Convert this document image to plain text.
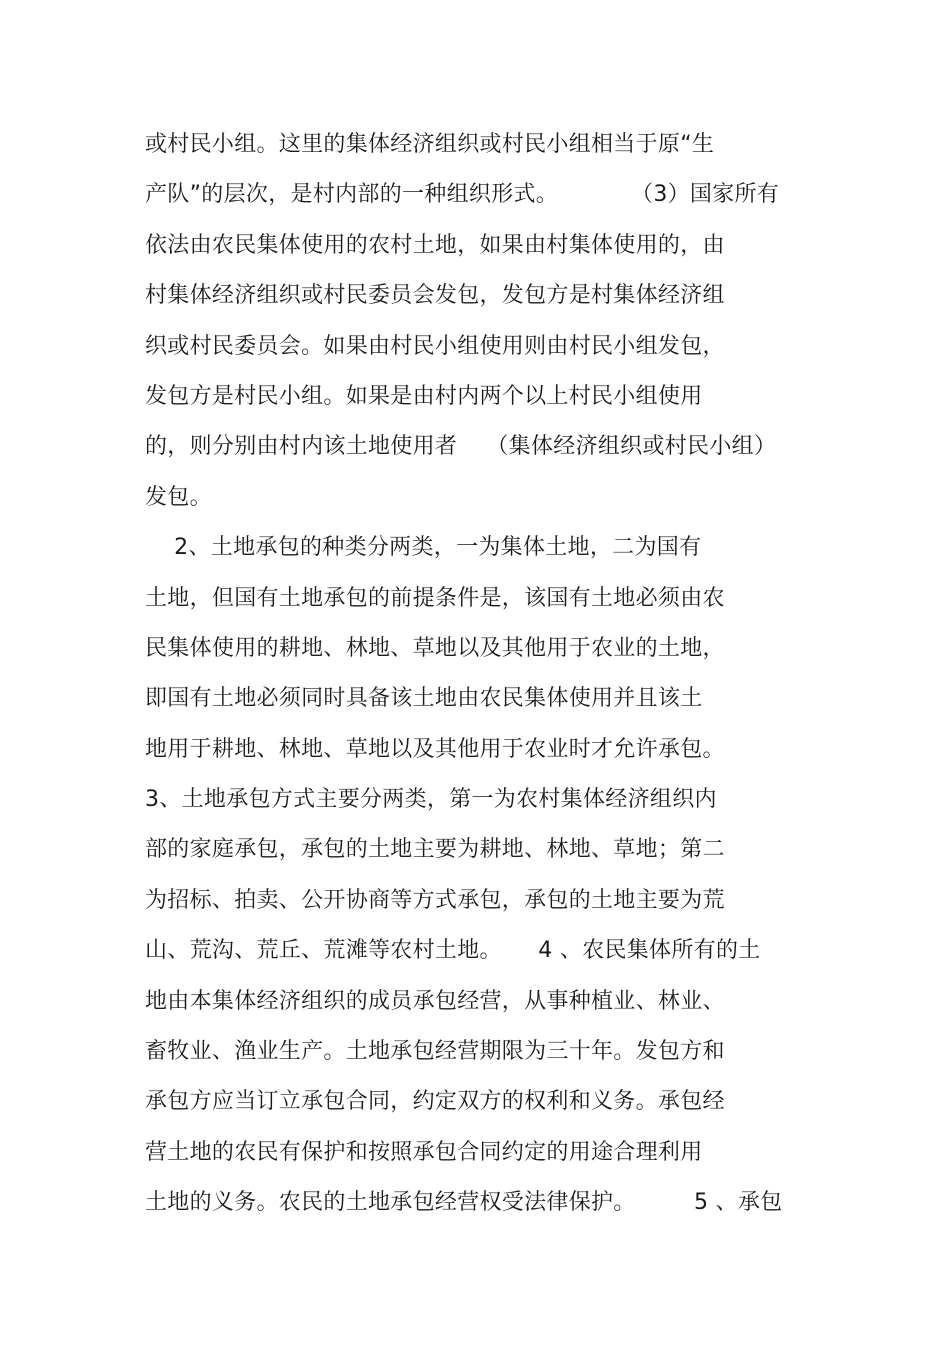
或村民小组。这里的集体经济组织或村民小组相当于原“生
产队”的层次，是村内部的一种组织形式。          （3）国家所有
依法由农民集体使用的农村土地，如果由村集体使用的，由
村集体经济组织或村民委员会发包，发包方是村集体经济组
织或村民委员会。如果由村民小组使用则由村民小组发包，
发包方是村民小组。如果是由村内两个以上村民小组使用
的，则分别由村内该土地使用者    （集体经济组织或村民小组）
发包。
2、土地承包的种类分两类，一为集体土地，二为国有
土地，但国有土地承包的前提条件是，该国有土地必须由农
民集体使用的耕地、林地、草地以及其他用于农业的土地，
即国有土地必须同时具备该土地由农民集体使用并且该土
地用于耕地、林地、草地以及其他用于农业时才允许承包。
3、土地承包方式主要分两类，第一为农村集体经济组织内
部的家庭承包，承包的土地主要为耕地、林地、草地；第二
为招标、拍卖、公开协商等方式承包，承包的土地主要为荒
山、荒沟、荒丘、荒滩等农村土地。     4 、农民集体所有的土
地由本集体经济组织的成员承包经营，从事种植业、林业、
畜牧业、渔业生产。土地承包经营期限为三十年。发包方和
承包方应当订立承包合同，约定双方的权利和义务。承包经
营土地的农民有保护和按照承包合同约定的用途合理利用
土地的义务。农民的土地承包经营权受法律保护。        5 、承包
